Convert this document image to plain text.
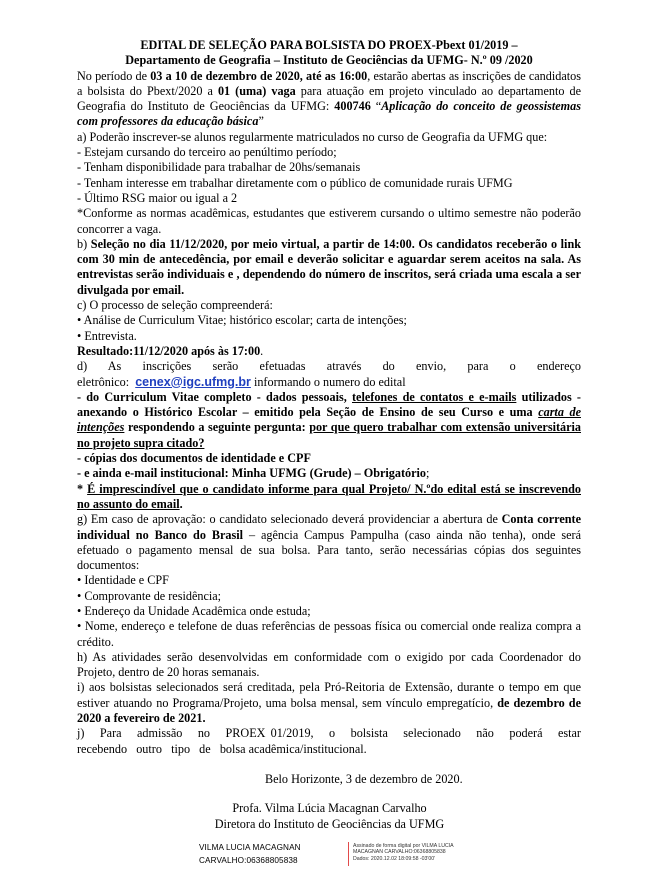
EDITAL DE SELEÇÃO PARA BOLSISTA DO PROEX-Pbext 01/2019 –
Departamento de Geografia – Instituto de Geociências da UFMG- N.º 09 /2020
No período de 03 a 10 de dezembro de 2020, até as 16:00, estarão abertas as inscrições de candidatos a bolsista do Pbext/2020 a 01 (uma) vaga para atuação em projeto vinculado ao departamento de Geografia do Instituto de Geociências da UFMG: 400746 “Aplicação do conceito de geossistemas com professores da educação básica”
a) Poderão inscrever-se alunos regularmente matriculados no curso de Geografia da UFMG que:
- Estejam cursando do terceiro ao penúltimo período;
- Tenham disponibilidade para trabalhar de 20hs/semanais
- Tenham interesse em trabalhar diretamente com o público de comunidade rurais UFMG
- Último RSG maior ou igual a 2
*Conforme as normas acadêmicas, estudantes que estiverem cursando o ultimo semestre não poderão concorrer a vaga.
b) Seleção no dia 11/12/2020, por meio virtual, a partir de 14:00. Os candidatos receberão o link com 30 min de antecedência, por email e deverão solicitar e aguardar serem aceitos na sala. As entrevistas serão individuais e , dependendo do número de inscritos, será criada uma escala a ser divulgada por email.
c) O processo de seleção compreenderá:
• Análise de Curriculum Vitae; histórico escolar; carta de intenções;
• Entrevista.
Resultado:11/12/2020 após às 17:00.
d)   As   inscrições   serão   efetuadas   através   do   envio,   para   o   endereço
eletrônico:  cenex@igc.ufmg.br informando o numero do edital
- do Curriculum Vitae completo - dados pessoais, telefones de contatos e e-mails utilizados - anexando o Histórico Escolar – emitido pela Seção de Ensino de seu Curso e uma carta de intenções respondendo a seguinte pergunta: por que quero trabalhar com extensão universitária no projeto supra citado?
- cópias dos documentos de identidade e CPF
- e ainda e-mail institucional: Minha UFMG (Grude) – Obrigatório;
* É imprescindível que o candidato informe para qual Projeto/ N.ºdo edital está se inscrevendo no assunto do email.
g) Em caso de aprovação: o candidato selecionado deverá providenciar a abertura de Conta corrente individual no Banco do Brasil – agência Campus Pampulha (caso ainda não tenha), onde será efetuado o pagamento mensal de sua bolsa. Para tanto, serão necessárias cópias dos seguintes documentos:
• Identidade e CPF
• Comprovante de residência;
• Endereço da Unidade Acadêmica onde estuda;
• Nome, endereço e telefone de duas referências de pessoas física ou comercial onde realiza compra a crédito.
h) As atividades serão desenvolvidas em conformidade com o exigido por cada Coordenador do Projeto, dentro de 20 horas semanais.
i) aos bolsistas selecionados será creditada, pela Pró-Reitoria de Extensão, durante o tempo em que estiver atuando no Programa/Projeto, uma bolsa mensal, sem vínculo empregatício, de dezembro de 2020 a fevereiro de 2021.
j)   Para   admissão   no   PROEX 01/2019,   o   bolsista   selecionado   não   poderá   estar
recebendo   outro   tipo   de   bolsa acadêmica/institucional.
Belo Horizonte, 3 de dezembro de 2020.
Profa. Vilma Lúcia Macagnan Carvalho
Diretora do Instituto de Geociências da UFMG
VILMA LUCIA MACAGNAN
CARVALHO:06368805838
Assinado de forma digital por VILMA LUCIA
MACAGNAN CARVALHO:06368805838
Dados: 2020.12.02 18:09:58 -03'00'
